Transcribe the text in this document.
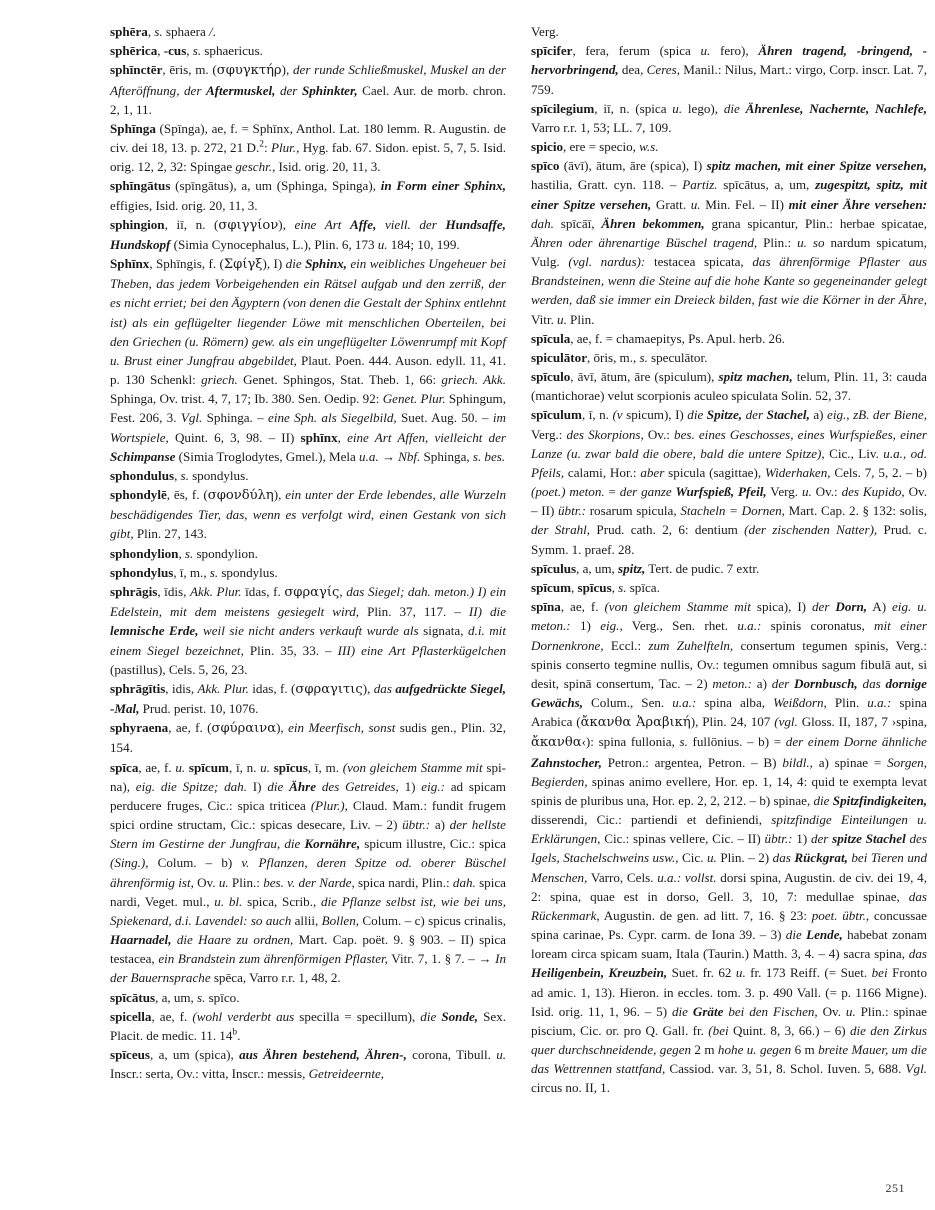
sphēra, s. sphaera /.

sphērica, -cus, s. sphaericus.

sphīnctēr, ēris, m. (σφυγκτήρ), der runde Schließmuskel, Muskel an der Afteröffnung, der Aftermuskel, der Sphinkter, Cael. Aur. de morb. chron. 2, 1, 11.

Sphīnga (Spīnga), ae, f. = Sphīnx, Anthol. Lat. 180 lemm. R. Augustin. de civ. dei 18, 13. p. 272, 21 D.$^2$: Plur., Hyg. fab. 67. Sidon. epist. 5, 7, 5. Isid. orig. 12, 2, 32: Spingae geschr., Isid. orig. 20, 11, 3.

sphīngātus (spīngātus), a, um (Sphinga, Spinga), in Form einer Sphinx, effigies, Isid. orig. 20, 11, 3.

sphingion, iī, n. (σφιγγίον), eine Art Affe, viell. der Hundsaffe, Hundskopf (Simia Cynocephalus, L.), Plin. 6, 173 u. 184; 10, 199.

Sphīnx, Sphīngis, f. (Σφίγξ), I) die Sphinx, ein weibliches Ungeheuer bei Theben, das jedem Vorbeigehenden ein Rätsel aufgab und den zerriß, der es nicht erriet; bei den Ägyptern (von denen die Gestalt der Sphinx entlehnt ist) als ein geflügelter liegender Löwe mit menschlichen Oberteilen, bei den Griechen (u. Römern) gew. als ein ungeflügelter Löwenrumpf mit Kopf u. Brust einer Jungfrau abgebildet, Plaut. Poen. 444. Auson. edyll. 11, 41. p. 130 Schenkl: griech. Genet. Sphingos, Stat. Theb. 1, 66: griech. Akk. Sphinga, Ov. trist. 4, 7, 17; Ib. 380. Sen. Oedip. 92: Genet. Plur. Sphingum, Fest. 206, 3. Vgl. Sphinga. – eine Sph. als Siegelbild, Suet. Aug. 50. – im Wortspiele, Quint. 6, 3, 98. – II) sphīnx, eine Art Affen, vielleicht der Schimpanse (Simia Troglodytes, Gmel.), Mela u.a. → Nbf. Sphinga, s. bes.

sphondulus, s. spondylus.

sphondylē, ēs, f. (σφονδύλη), ein unter der Erde lebendes, alle Wurzeln beschädigendes Tier, das, wenn es verfolgt wird, einen Gestank von sich gibt, Plin. 27, 143.

sphondylion, s. spondylion.

sphondylus, ī, m., s. spondylus.

sphrāgis, īdis, Akk. Plur. īdas, f. σφραγίς, das Siegel; dah. meton.) I) ein Edelstein, mit dem meistens gesiegelt wird, Plin. 37, 117. – II) die lemnische Erde, weil sie nicht anders verkauft wurde als signata, d.i. mit einem Siegel bezeichnet, Plin. 35, 33. – III) eine Art Pflasterkügelchen (pastillus), Cels. 5, 26, 23.

sphrāgītis, idis, Akk. Plur. idas, f. (σφραγιτις), das aufgedrückte Siegel, -Mal, Prud. perist. 10, 1076.

sphyraena, ae, f. (σφύραινα), ein Meerfisch, sonst sudis gen., Plin. 32, 154.

spīca, ae, f. u. spīcum, ī, n. u. spīcus, ī, m. (von gleichem Stamme mit spi-na), eig. die Spitze; dah. I) die Ähre des Getreides, 1) eig.: ad spicam perducere fruges, Cic.: spica triticea (Plur.), Claud. Mam.: fundit frugem spici ordine structam, Cic.: spicas desecare, Liv. – 2) übtr.: a) der hellste Stern im Gestirne der Jungfrau, die Kornähre, spicum illustre, Cic.: spica (Sing.), Colum. – b) v. Pflanzen, deren Spitze od. oberer Büschel ährenförmig ist, Ov. u. Plin.: bes. v. der Narde, spica nardi, Plin.: dah. spica nardi, Veget. mul., u. bl. spica, Scrib., die Pflanze selbst ist, wie bei uns, Spiekenard, d.i. Lavendel: so auch allii, Bollen, Colum. – c) spicus crinalis, Haarnadel, die Haare zu ordnen, Mart. Cap. poët. 9. § 903. – II) spica testacea, ein Brandstein zum ährenförmigen Pflaster, Vitr. 7, 1. § 7. – → In der Bauernsprache spēca, Varro r.r. 1, 48, 2.

spīcātus, a, um, s. spīco.

spicella, ae, f. (wohl verderbt aus specilla = specillum), die Sonde, Sex. Placit. de medic. 11. 14$^b$.

spīceus, a, um (spica), aus Ähren bestehend, Ähren-, corona, Tibull. u. Inscr.: serta, Ov.: vitta, Inscr.: messis, Getreideernte,

Verg.

spīcifer, fera, ferum (spica u. fero), Ähren tragend, -bringend, -hervorbringend, dea, Ceres, Manil.: Nilus, Mart.: virgo, Corp. inscr. Lat. 7, 759.

spīcilegium, iī, n. (spica u. lego), die Ährenlese, Nachernte, Nachlefe, Varro r.r. 1, 53; LL. 7, 109.

spicio, ere = specio, w.s.

spīco (āvī), ātum, āre (spica), I) spitz machen, mit einer Spitze versehen, hastilia, Gratt. cyn. 118. – Partiz. spīcātus, a, um, zugespitzt, spitz, mit einer Spitze versehen, Gratt. u. Min. Fel. – II) mit einer Ähre versehen: dah. spīcāī, Ähren bekommen, grana spicantur, Plin.: herbae spicatae, Ähren oder ährenartige Büschel tragend, Plin.: u. so nardum spicatum, Vulg. (vgl. nardus): testacea spicata, das ährenförmige Pflaster aus Brandsteinen, wenn die Steine auf die hohe Kante so gegeneinander gelegt werden, daß sie immer ein Dreieck bilden, fast wie die Körner in der Ähre, Vitr. u. Plin.

spīcula, ae, f. = chamaepitys, Ps. Apul. herb. 26.

spiculātor, ōris, m., s. speculātor.

spīculo, āvī, ātum, āre (spiculum), spitz machen, telum, Plin. 11, 3: cauda (mantichorae) velut scorpionis aculeo spiculata Solin. 52, 37.

spīculum, ī, n. (v spicum), I) die Spitze, der Stachel, a) eig., zB. der Biene, Verg.: des Skorpions, Ov.: bes. eines Geschosses, eines Wurfspießes, einer Lanze (u. zwar bald die obere, bald die untere Spitze), Cic., Liv. u.a., od. Pfeils, calami, Hor.: aber spicula (sagittae), Widerhaken, Cels. 7, 5, 2. – b) (poet.) meton. = der ganze Wurfspieß, Pfeil, Verg. u. Ov.: des Kupido, Ov. – II) übtr.: rosarum spicula, Stacheln = Dornen, Mart. Cap. 2. § 132: solis, der Strahl, Prud. cath. 2, 6: dentium (der zischenden Natter), Prud. c. Symm. 1. praef. 28.

spīculus, a, um, spitz, Tert. de pudic. 7 extr.

spīcum, spīcus, s. spīca.

spīna, ae, f. (von gleichem Stamme mit spica), I) der Dorn, A) eig. u. meton.: 1) eig., Verg., Sen. rhet. u.a.: spinis coronatus, mit einer Dornenkrone, Eccl.: zum Zuhelfteln, consertum tegumen spinis, Verg.: spinis conserto tegmine nullis, Ov.: tegumen omnibus sagum fibulā aut, si desit, spinā consertum, Tac. – 2) meton.: a) der Dornbusch, das dornige Gewächs, Colum., Sen. u.a.: spina alba, Weißdorn, Plin. u.a.: spina Arabica (ἄκανθα Ἀραβική), Plin. 24, 107 (vgl. Gloss. II, 187, 7 ›spina, ἄκανθα‹): spina fullonia, s. fullōnius. – b) = der einem Dorne ähnliche Zahnstocher, Petron.: argentea, Petron. – B) bildl., a) spinae = Sorgen, Begierden, spinas animo evellere, Hor. ep. 1, 14, 4: quid te exempta levat spinis de pluribus una, Hor. ep. 2, 2, 212. – b) spinae, die Spitzfindigkeiten, disserendi, Cic.: partiendi et definiendi, spitzfindige Einteilungen u. Erklärungen, Cic.: spinas vellere, Cic. – II) übtr.: 1) der spitze Stachel des Igels, Stachelschweins usw., Cic. u. Plin. – 2) das Rückgrat, bei Tieren und Menschen, Varro, Cels. u.a.: vollst. dorsi spina, Augustin. de civ. dei 19, 4, 2: spina, quae est in dorso, Gell. 3, 10, 7: medullae spinae, das Rückenmark, Augustin. de gen. ad litt. 7, 16. § 23: poet. übtr., concussae spina carinae, Ps. Cypr. carm. de Iona 39. – 3) die Lende, habebat zonam loream circa spicam suam, Itala (Taurin.) Matth. 3, 4. – 4) sacra spina, das Heiligenbein, Kreuzbein, Suet. fr. 62 u. fr. 173 Reiff. (= Suet. bei Fronto ad amic. 1, 13). Hieron. in eccles. tom. 3. p. 490 Vall. (= p. 1166 Migne). Isid. orig. 11, 1, 96. – 5) die Gräte bei den Fischen, Ov. u. Plin.: spinae piscium, Cic. or. pro Q. Gall. fr. (bei Quint. 8, 3, 66.) – 6) die den Zirkus quer durchschneidende, gegen 2 m hohe u. gegen 6 m breite Mauer, um die das Wettrennen stattfand, Cassiod. var. 3, 51, 8. Schol. Iuven. 5, 688. Vgl. circus no. II, 1.

251
